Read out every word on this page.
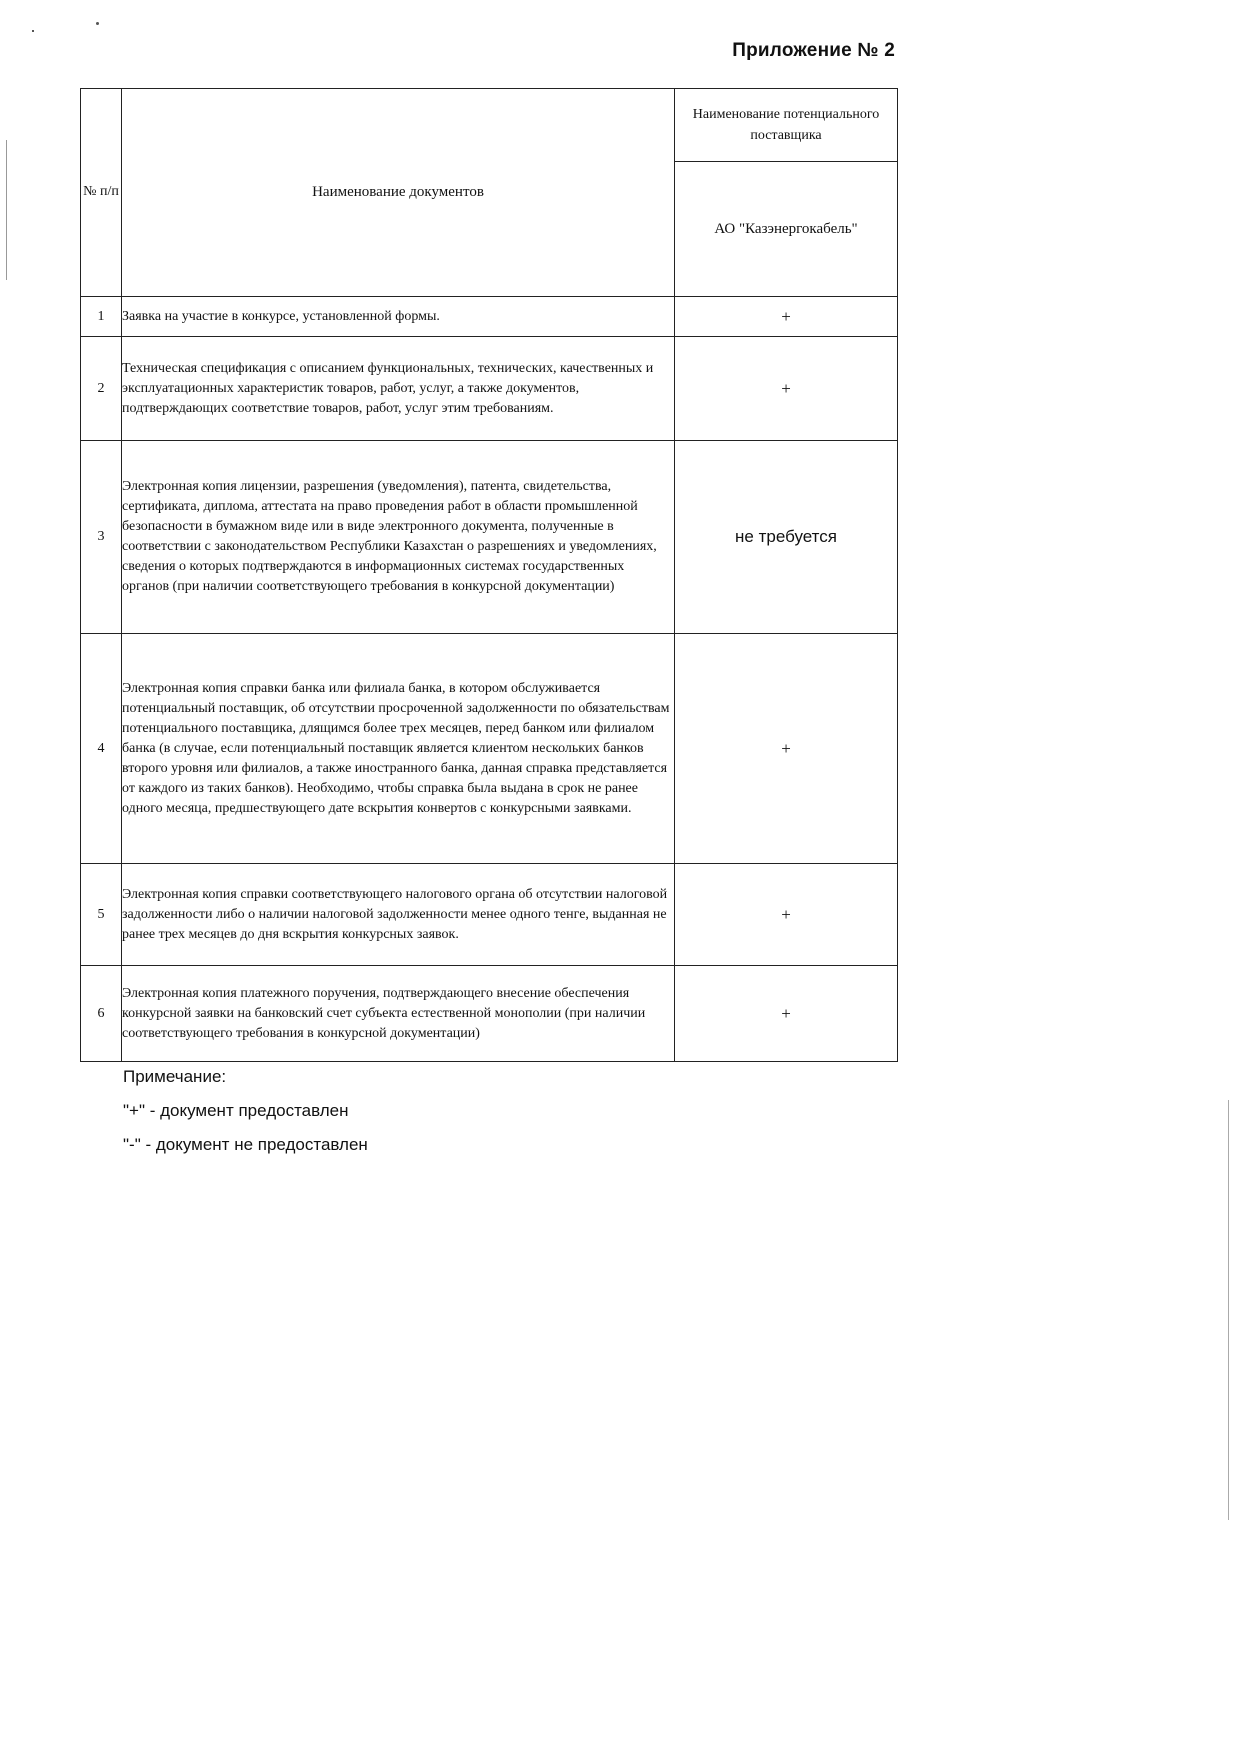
Приложение № 2
№ п/п	Наименование документов	Наименование потенциального поставщика
		АО "Казэнергокабель"
1	Заявка на участие в конкурсе, установленной формы.	+
2	Техническая спецификация с описанием функциональных, технических, качественных и эксплуатационных характеристик товаров, работ, услуг, а также документов, подтверждающих соответствие товаров, работ, услуг этим требованиям.	+
3	Электронная копия лицензии, разрешения (уведомления), патента, свидетельства, сертификата, диплома, аттестата на право проведения работ в области промышленной безопасности в бумажном виде или в виде электронного документа, полученные в соответствии с законодательством Республики Казахстан о разрешениях и уведомлениях, сведения о которых подтверждаются в информационных системах государственных органов (при наличии соответствующего требования в конкурсной документации)	не требуется
4	Электронная копия справки банка или филиала банка, в котором обслуживается потенциальный поставщик, об отсутствии просроченной задолженности по обязательствам потенциального поставщика, длящимся более трех месяцев, перед банком или филиалом банка (в случае, если потенциальный поставщик является клиентом нескольких банков второго уровня или филиалов, а также иностранного банка, данная справка представляется от каждого из таких банков). Необходимо, чтобы справка была выдана в срок не ранее одного месяца, предшествующего дате вскрытия конвертов с конкурсными заявками.	+
5	Электронная копия справки соответствующего налогового органа об отсутствии налоговой задолженности либо о наличии налоговой задолженности менее одного тенге, выданная не ранее трех месяцев до дня вскрытия конкурсных заявок.	+
6	Электронная копия платежного поручения, подтверждающего внесение обеспечения конкурсной заявки на банковский счет субъекта естественной монополии (при наличии соответствующего требования в конкурсной документации)	+
Примечание:
"+" - документ предоставлен
"-" - документ не предоставлен
